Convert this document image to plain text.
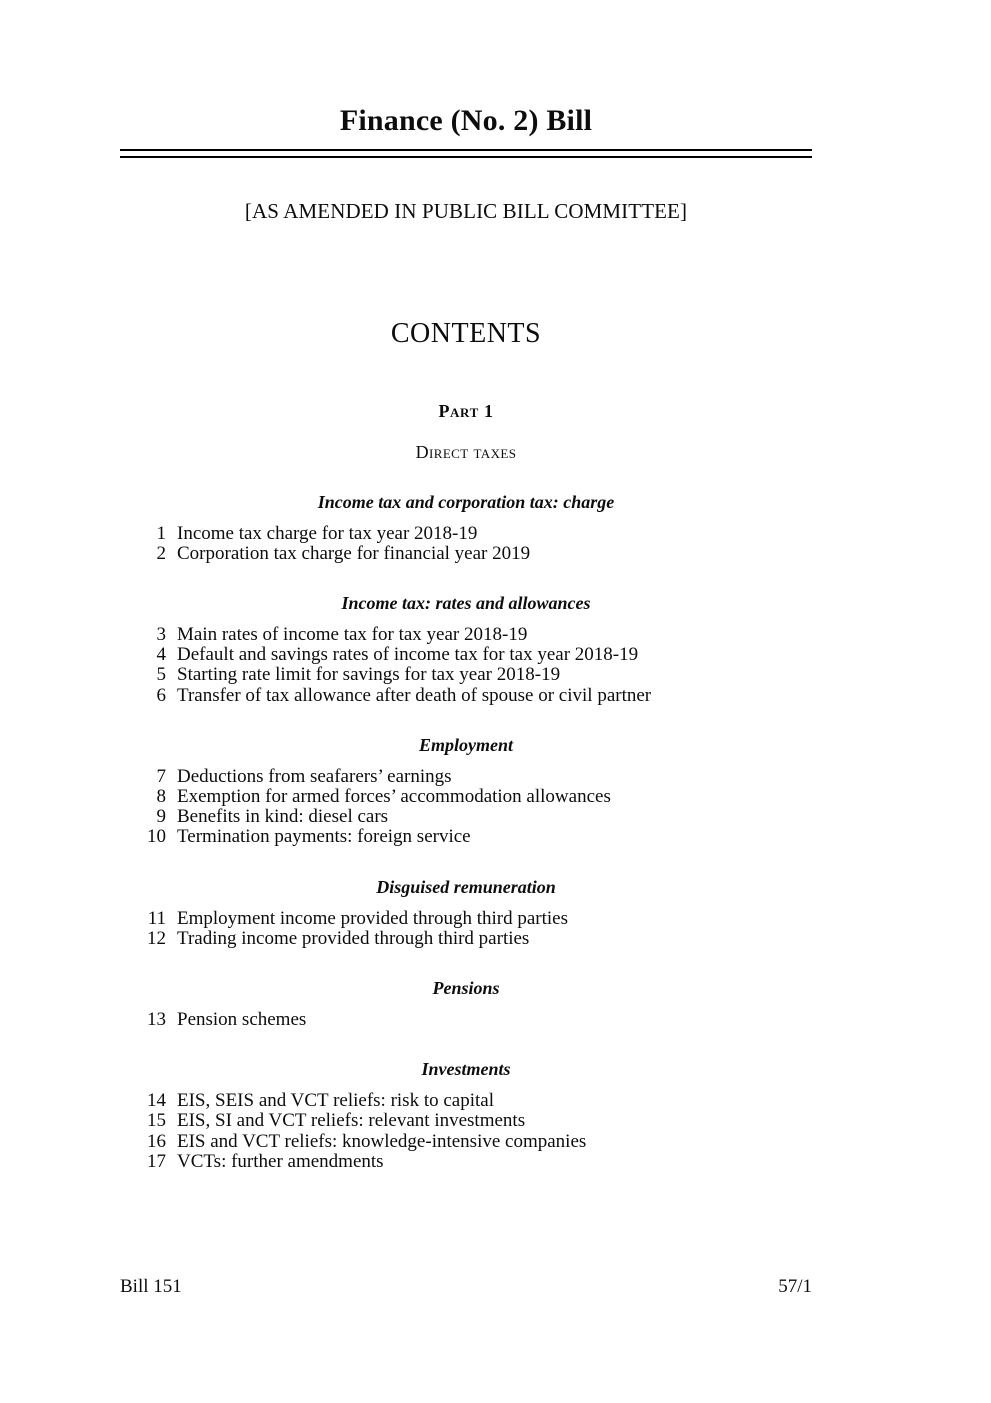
Finance (No. 2) Bill

[AS AMENDED IN PUBLIC BILL COMMITTEE]

CONTENTS
Part 1
Direct taxes
Income tax and corporation tax: charge
1 Income tax charge for tax year 2018-19
2 Corporation tax charge for financial year 2019
Income tax: rates and allowances
3 Main rates of income tax for tax year 2018-19
4 Default and savings rates of income tax for tax year 2018-19
5 Starting rate limit for savings for tax year 2018-19
6 Transfer of tax allowance after death of spouse or civil partner
Employment
7 Deductions from seafarers’ earnings
8 Exemption for armed forces’ accommodation allowances
9 Benefits in kind: diesel cars
10 Termination payments: foreign service
Disguised remuneration
11 Employment income provided through third parties
12 Trading income provided through third parties
Pensions
13 Pension schemes
Investments
14 EIS, SEIS and VCT reliefs: risk to capital
15 EIS, SI and VCT reliefs: relevant investments
16 EIS and VCT reliefs: knowledge-intensive companies
17 VCTs: further amendments
Bill 151	57/1
